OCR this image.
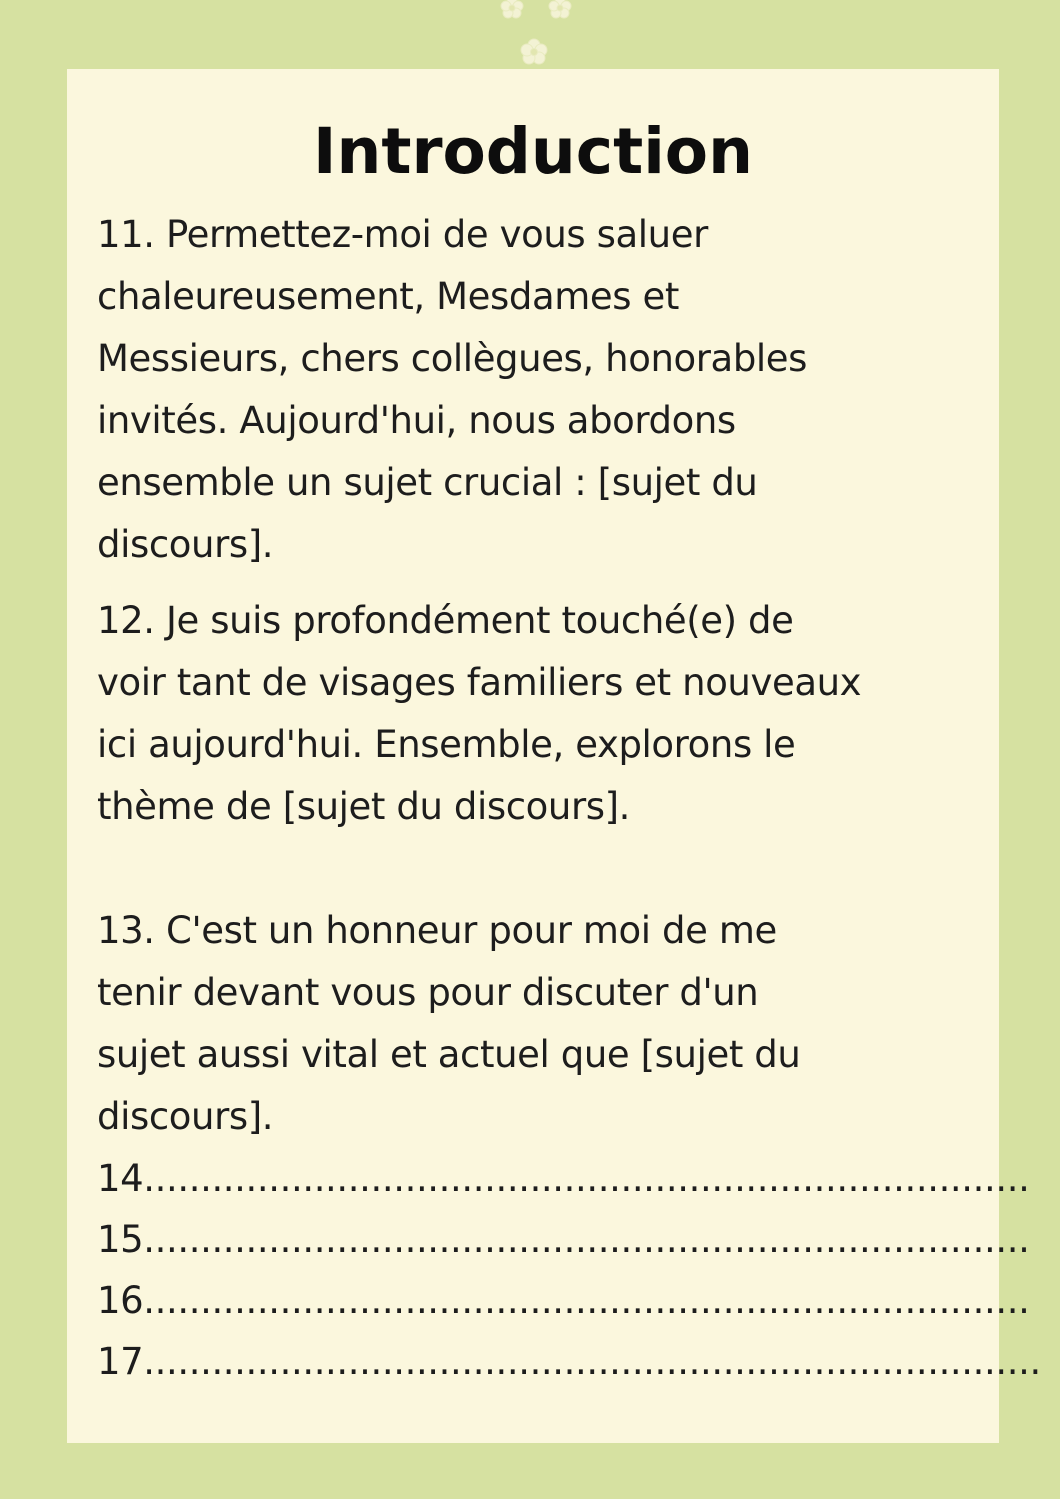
Introduction

11. Permettez-moi de vous saluer
chaleureusement, Mesdames et
Messieurs, chers collègues, honorables
invités. Aujourd'hui, nous abordons
ensemble un sujet crucial : [sujet du
discours].

12. Je suis profondément touché(e) de
voir tant de visages familiers et nouveaux
ici aujourd'hui. Ensemble, explorons le
thème de [sujet du discours].

13. C'est un honneur pour moi de me
tenir devant vous pour discuter d'un
sujet aussi vital et actuel que [sujet du
discours].

14..............................................................................

15..............................................................................

16..............................................................................

17...............................................................................
